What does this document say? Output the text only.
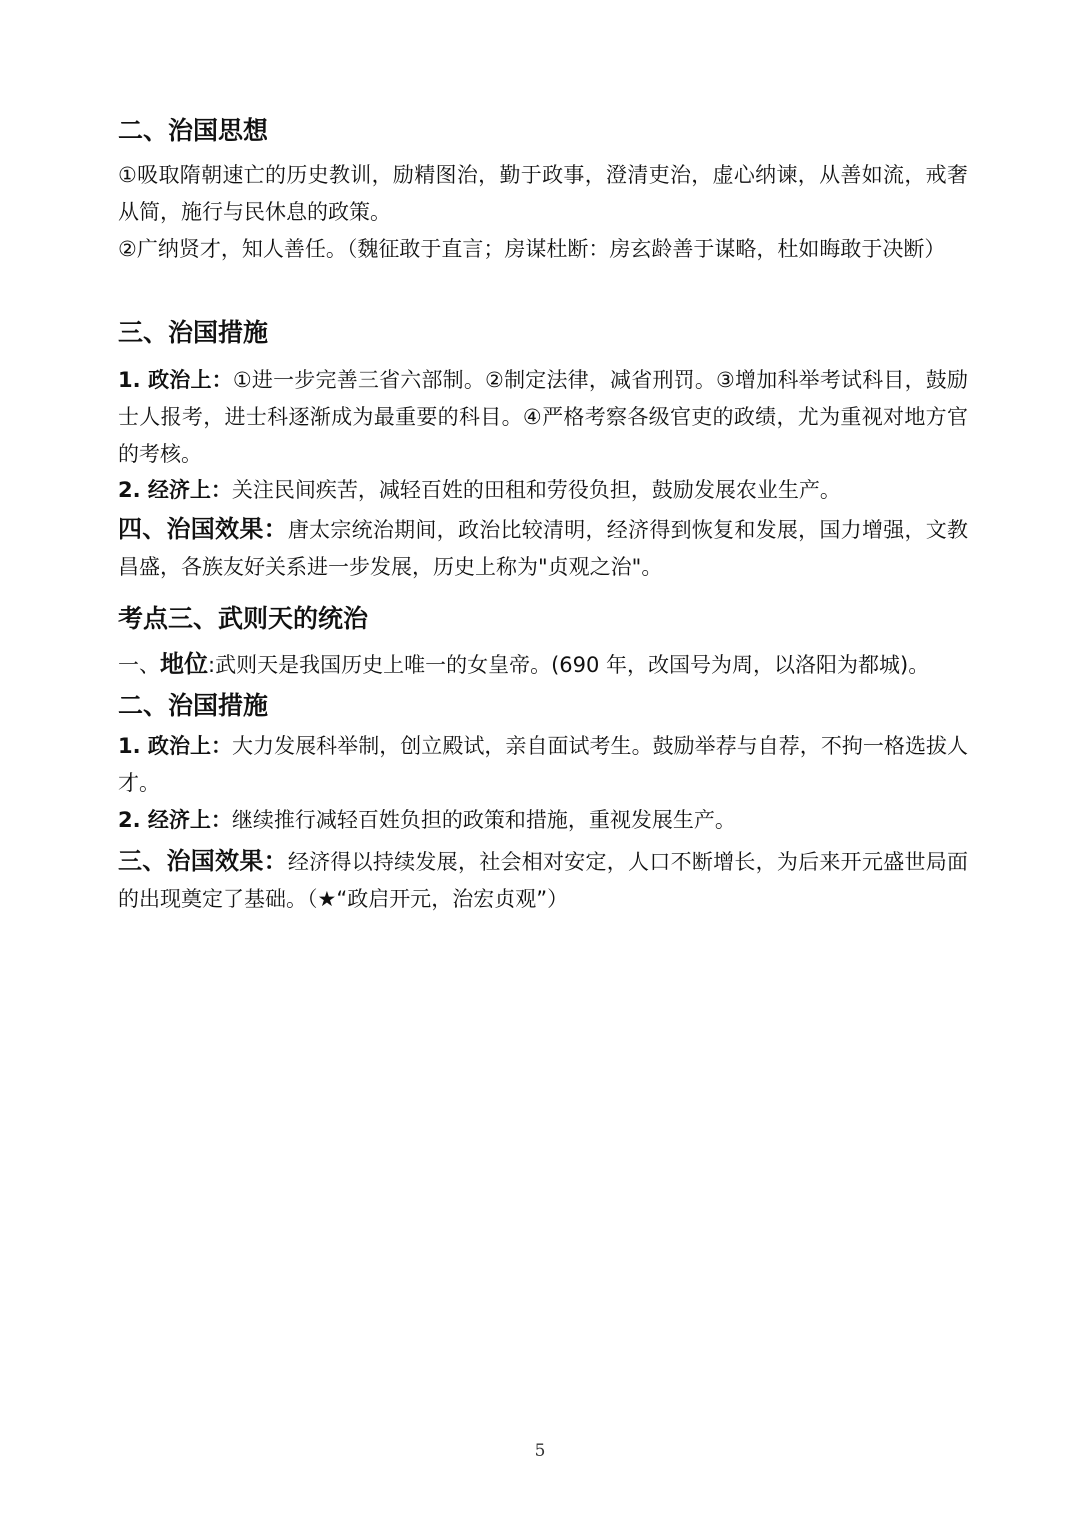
二、治国思想

①吸取隋朝速亡的历史教训，励精图治，勤于政事，澄清吏治，虚心纳谏，从善如流，戒奢从简，施行与民休息的政策。

②广纳贤才，知人善任。（魏征敢于直言；房谋杜断：房玄龄善于谋略，杜如晦敢于决断）

三、治国措施

1. 政治上：①进一步完善三省六部制。②制定法律，减省刑罚。③增加科举考试科目，鼓励士人报考，进士科逐渐成为最重要的科目。④严格考察各级官吏的政绩，尤为重视对地方官的考核。

2. 经济上：关注民间疾苦，减轻百姓的田租和劳役负担，鼓励发展农业生产。

四、治国效果：唐太宗统治期间，政治比较清明，经济得到恢复和发展，国力增强，文教昌盛，各族友好关系进一步发展，历史上称为"贞观之治"。

考点三、武则天的统治

一、地位:武则天是我国历史上唯一的女皇帝。(690 年，改国号为周，以洛阳为都城)。

二、治国措施

1. 政治上：大力发展科举制，创立殿试，亲自面试考生。鼓励举荐与自荐，不拘一格选拔人才。

2. 经济上：继续推行减轻百姓负担的政策和措施，重视发展生产。

三、治国效果：经济得以持续发展，社会相对安定，人口不断增长，为后来开元盛世局面的出现奠定了基础。（★“政启开元，治宏贞观”）

5
